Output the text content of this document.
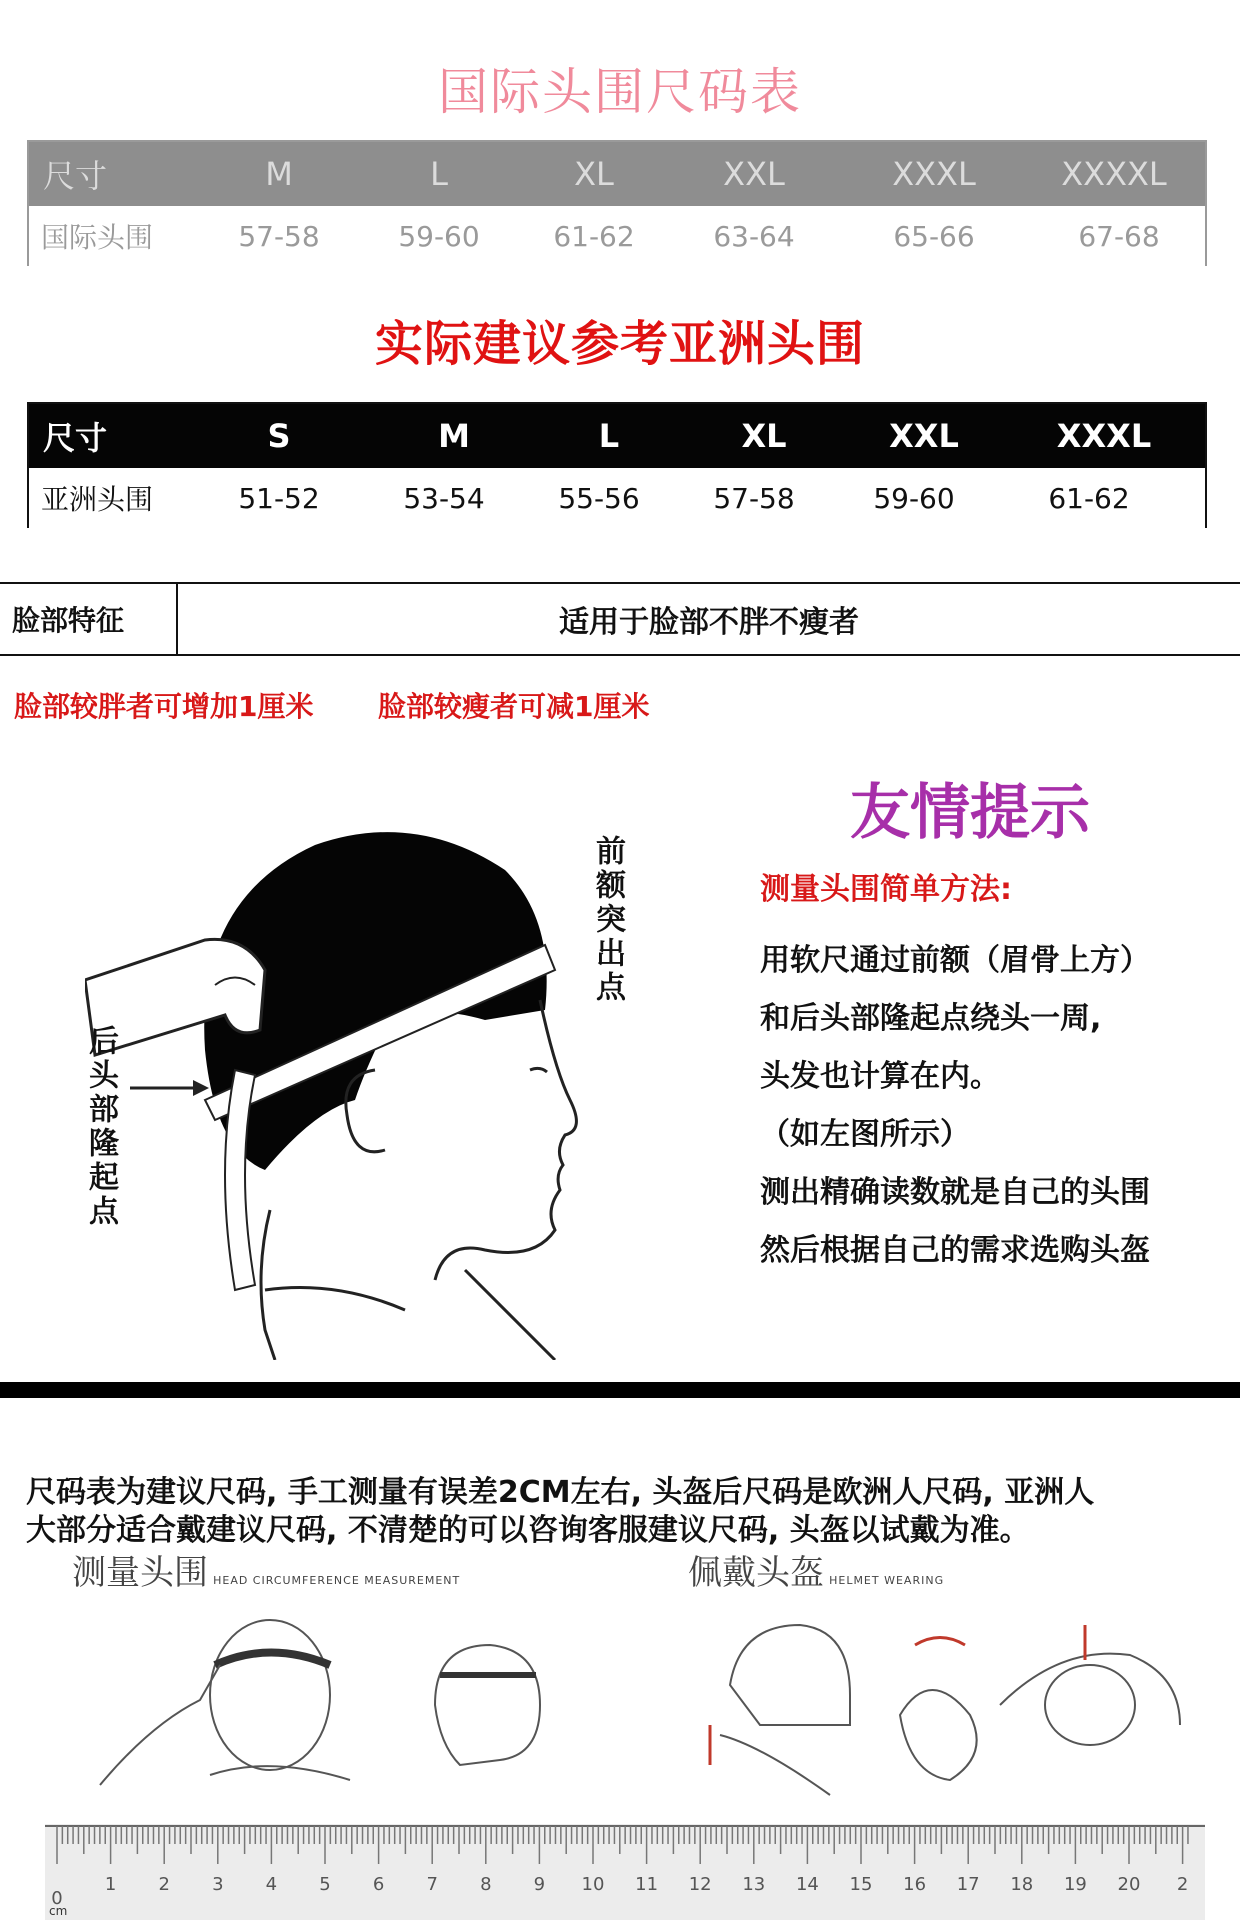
国际头围尺码表
尺寸	M	L	XL	XXL	XXXL	XXXXL
国际头围	57-58	59-60	61-62	63-64	65-66	67-68
实际建议参考亚洲头围
尺寸	S	M	L	XL	XXL	XXXL
亚洲头围	51-52	53-54	55-56	57-58	59-60	61-62
脸部特征	适用于脸部不胖不瘦者
脸部较胖者可增加1厘米 脸部较瘦者可减1厘米
前额突出点
后头部隆起点
友情提示
测量头围简单方法:
用软尺通过前额（眉骨上方）
和后头部隆起点绕头一周,
头发也计算在内。
（如左图所示）
测出精确读数就是自己的头围
然后根据自己的需求选购头盔
尺码表为建议尺码, 手工测量有误差2CM左右, 头盔后尺码是欧洲人尺码, 亚洲人
大部分适合戴建议尺码, 不清楚的可以咨询客服建议尺码, 头盔以试戴为准。
测量头围 HEAD CIRCUMFERENCE MEASUREMENT	佩戴头盔 HELMET WEARING
0
1 2 3 4 5 6 7 8 9 10 11 12 13 14 15 16 17 18 19 20 2
cm
